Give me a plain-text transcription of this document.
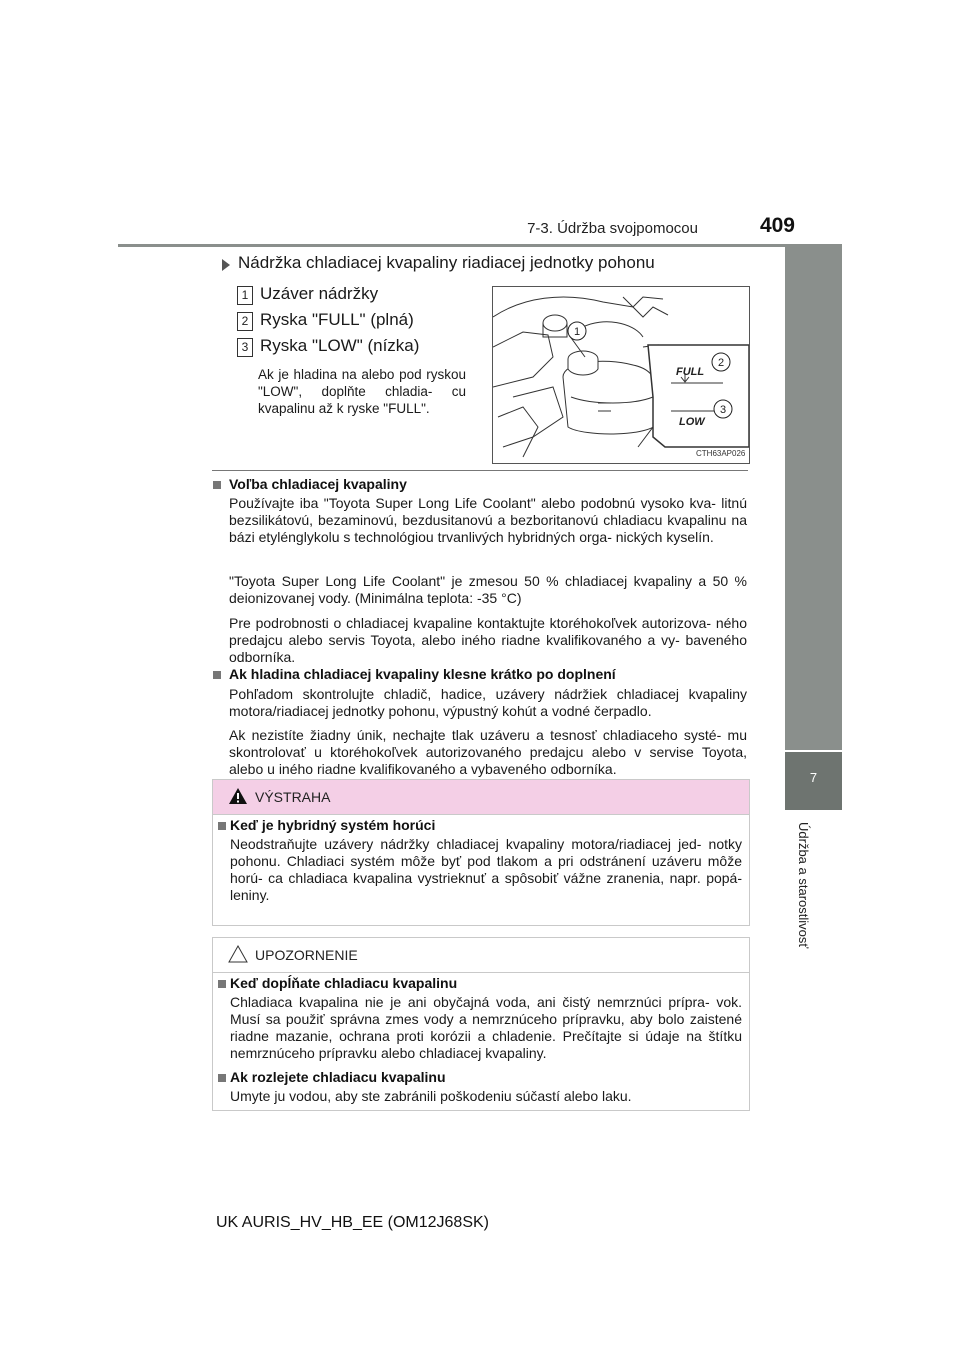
7-3. Údržba svojpomocou	409
7
Údržba a starostlivosť
Nádržka chladiacej kvapaliny riadiacej jednotky pohonu
1 Uzáver nádržky
2 Ryska "FULL" (plná)
3 Ryska "LOW" (nízka)
Ak je hladina na alebo pod ryskou "LOW", doplňte chladia- cu kvapalinu až k ryske "FULL".
FULL
LOW
1
2
3
CTH63AP026
Voľba chladiacej kvapaliny
Používajte iba "Toyota Super Long Life Coolant" alebo podobnú vysoko kva- litnú bezsilikátovú, bezaminovú, bezdusitanovú a bezboritanovú chladiacu kvapalinu na bázi etylénglykolu s technológiou trvanlivých hybridných orga- nických kyselín.
"Toyota Super Long Life Coolant" je zmesou 50 % chladiacej kvapaliny a 50 % deionizovanej vody. (Minimálna teplota: -35 °C)
Pre podrobnosti o chladiacej kvapaline kontaktujte ktoréhokoľvek autorizova- ného predajcu alebo servis Toyota, alebo iného riadne kvalifikovaného a vy- baveného odborníka.
Ak hladina chladiacej kvapaliny klesne krátko po doplnení
Pohľadom skontrolujte chladič, hadice, uzávery nádržiek chladiacej kvapaliny motora/riadiacej jednotky pohonu, výpustný kohút a vodné čerpadlo.
Ak nezistíte žiadny únik, nechajte tlak uzáveru a tesnosť chladiaceho systé- mu skontrolovať u ktoréhokoľvek autorizovaného predajcu alebo v servise Toyota, alebo u iného riadne kvalifikovaného a vybaveného odborníka.
VÝSTRAHA
Keď je hybridný systém horúci
Neodstraňujte uzávery nádržky chladiacej kvapaliny motora/riadiacej jed- notky pohonu. Chladiaci systém môže byť pod tlakom a pri odstránení uzáveru môže horú- ca chladiaca kvapalina vystrieknuť a spôsobiť vážne zranenia, napr. popá- leniny.
UPOZORNENIE
Keď dopĺňate chladiacu kvapalinu
Chladiaca kvapalina nie je ani obyčajná voda, ani čistý nemrznúci prípra- vok. Musí sa použiť správna zmes vody a nemrznúceho prípravku, aby bolo zaistené riadne mazanie, ochrana proti korózii a chladenie. Prečítajte si údaje na štítku nemrznúceho prípravku alebo chladiacej kvapaliny.
Ak rozlejete chladiacu kvapalinu
Umyte ju vodou, aby ste zabránili poškodeniu súčastí alebo laku.
UK AURIS_HV_HB_EE (OM12J68SK)
